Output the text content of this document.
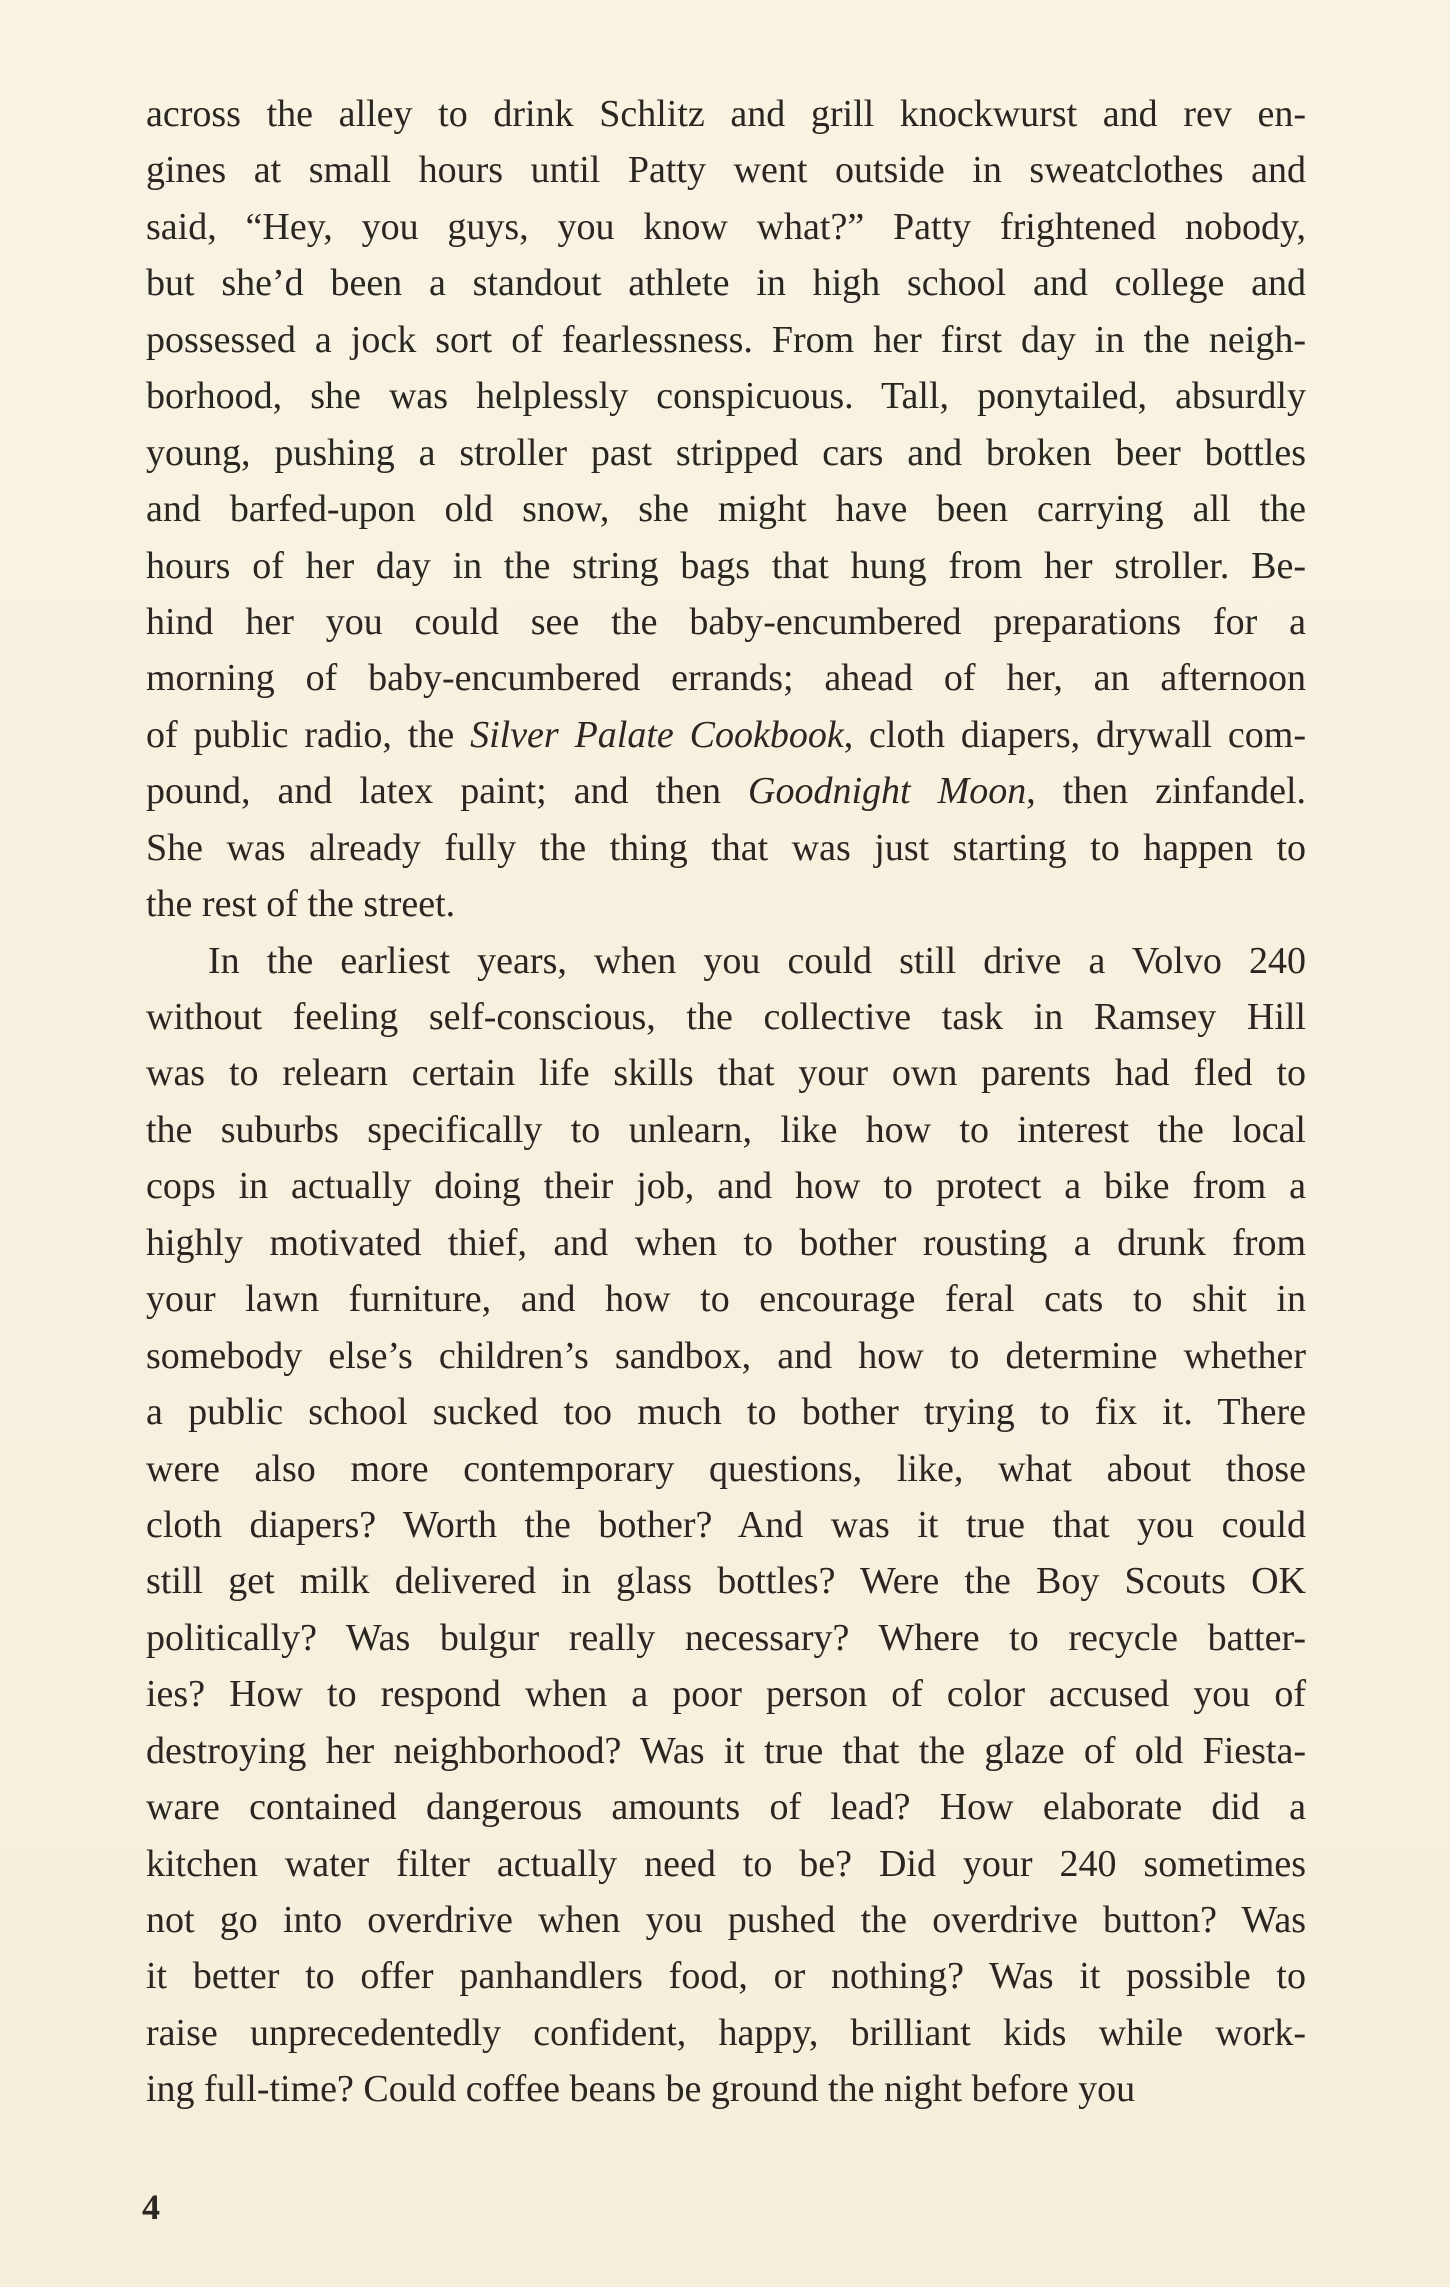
across the alley to drink Schlitz and grill knockwurst and rev en-
gines at small hours until Patty went outside in sweatclothes and
said, “Hey, you guys, you know what?” Patty frightened nobody,
but she’d been a standout athlete in high school and college and
possessed a jock sort of fearlessness. From her first day in the neigh-
borhood, she was helplessly conspicuous. Tall, ponytailed, absurdly
young, pushing a stroller past stripped cars and broken beer bottles
and barfed-upon old snow, she might have been carrying all the
hours of her day in the string bags that hung from her stroller. Be-
hind her you could see the baby-encumbered preparations for a
morning of baby-encumbered errands; ahead of her, an afternoon
of public radio, the Silver Palate Cookbook, cloth diapers, drywall com-
pound, and latex paint; and then Goodnight Moon, then zinfandel.
She was already fully the thing that was just starting to happen to
the rest of the street.
In the earliest years, when you could still drive a Volvo 240
without feeling self-conscious, the collective task in Ramsey Hill
was to relearn certain life skills that your own parents had fled to
the suburbs specifically to unlearn, like how to interest the local
cops in actually doing their job, and how to protect a bike from a
highly motivated thief, and when to bother rousting a drunk from
your lawn furniture, and how to encourage feral cats to shit in
somebody else’s children’s sandbox, and how to determine whether
a public school sucked too much to bother trying to fix it. There
were also more contemporary questions, like, what about those
cloth diapers? Worth the bother? And was it true that you could
still get milk delivered in glass bottles? Were the Boy Scouts OK
politically? Was bulgur really necessary? Where to recycle batter-
ies? How to respond when a poor person of color accused you of
destroying her neighborhood? Was it true that the glaze of old Fiesta-
ware contained dangerous amounts of lead? How elaborate did a
kitchen water filter actually need to be? Did your 240 sometimes
not go into overdrive when you pushed the overdrive button? Was
it better to offer panhandlers food, or nothing? Was it possible to
raise unprecedentedly confident, happy, brilliant kids while work-
ing full-time? Could coffee beans be ground the night before you
4
